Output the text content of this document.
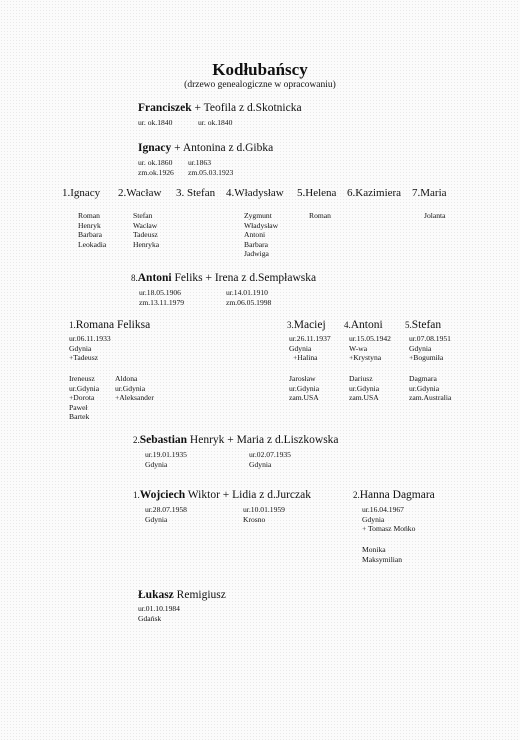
Kodłubańscy
(drzewo genealogiczne w opracowaniu)
Franciszek + Teofila z d.Skotnicka
ur. ok.1840	ur. ok.1840
Ignacy + Antonina z d.Gibka
ur. ok.1860
zm.ok.1926
ur.1863
zm.05.03.1923
1.Ignacy 2.Wacław 3. Stefan 4.Władysław 5.Helena 6.Kazimiera 7.Maria
Roman
Henryk
Barbara
Leokadia
Stefan
Wacław
Tadeusz
Henryka
Zygmunt
Władysław
Antoni
Barbara
Jadwiga
Roman	Jolanta
8.Antoni Feliks + Irena z d.Sempławska
ur.18.05.1906
zm.13.11.1979
ur.14.01.1910
zm.06.05.1998
1.Romana Feliksa
ur.06.11.1933
Gdynia
+Tadeusz
3.Maciej
ur.26.11.1937
Gdynia
+Halina
4.Antoni
ur.15.05.1942
W-wa
+Krystyna
5.Stefan
ur.07.08.1951
Gdynia
+Bogumiła
Ireneusz
ur.Gdynia
+Dorota
Paweł
Bartek
Aldona
ur.Gdynia
+Aleksander
Jarosław
ur.Gdynia
zam.USA
Dariusz
ur.Gdynia
zam.USA
Dagmara
ur.Gdynia
zam.Australia
2.Sebastian Henryk + Maria z d.Liszkowska
ur.19.01.1935
Gdynia
ur.02.07.1935
Gdynia
1.Wojciech Wiktor + Lidia z d.Jurczak
ur.28.07.1958
Gdynia
ur.10.01.1959
Krosno
2.Hanna Dagmara
ur.16.04.1967
Gdynia
+ Tomasz Mońko
Monika
Maksymilian
Łukasz Remigiusz
ur.01.10.1984
Gdańsk
